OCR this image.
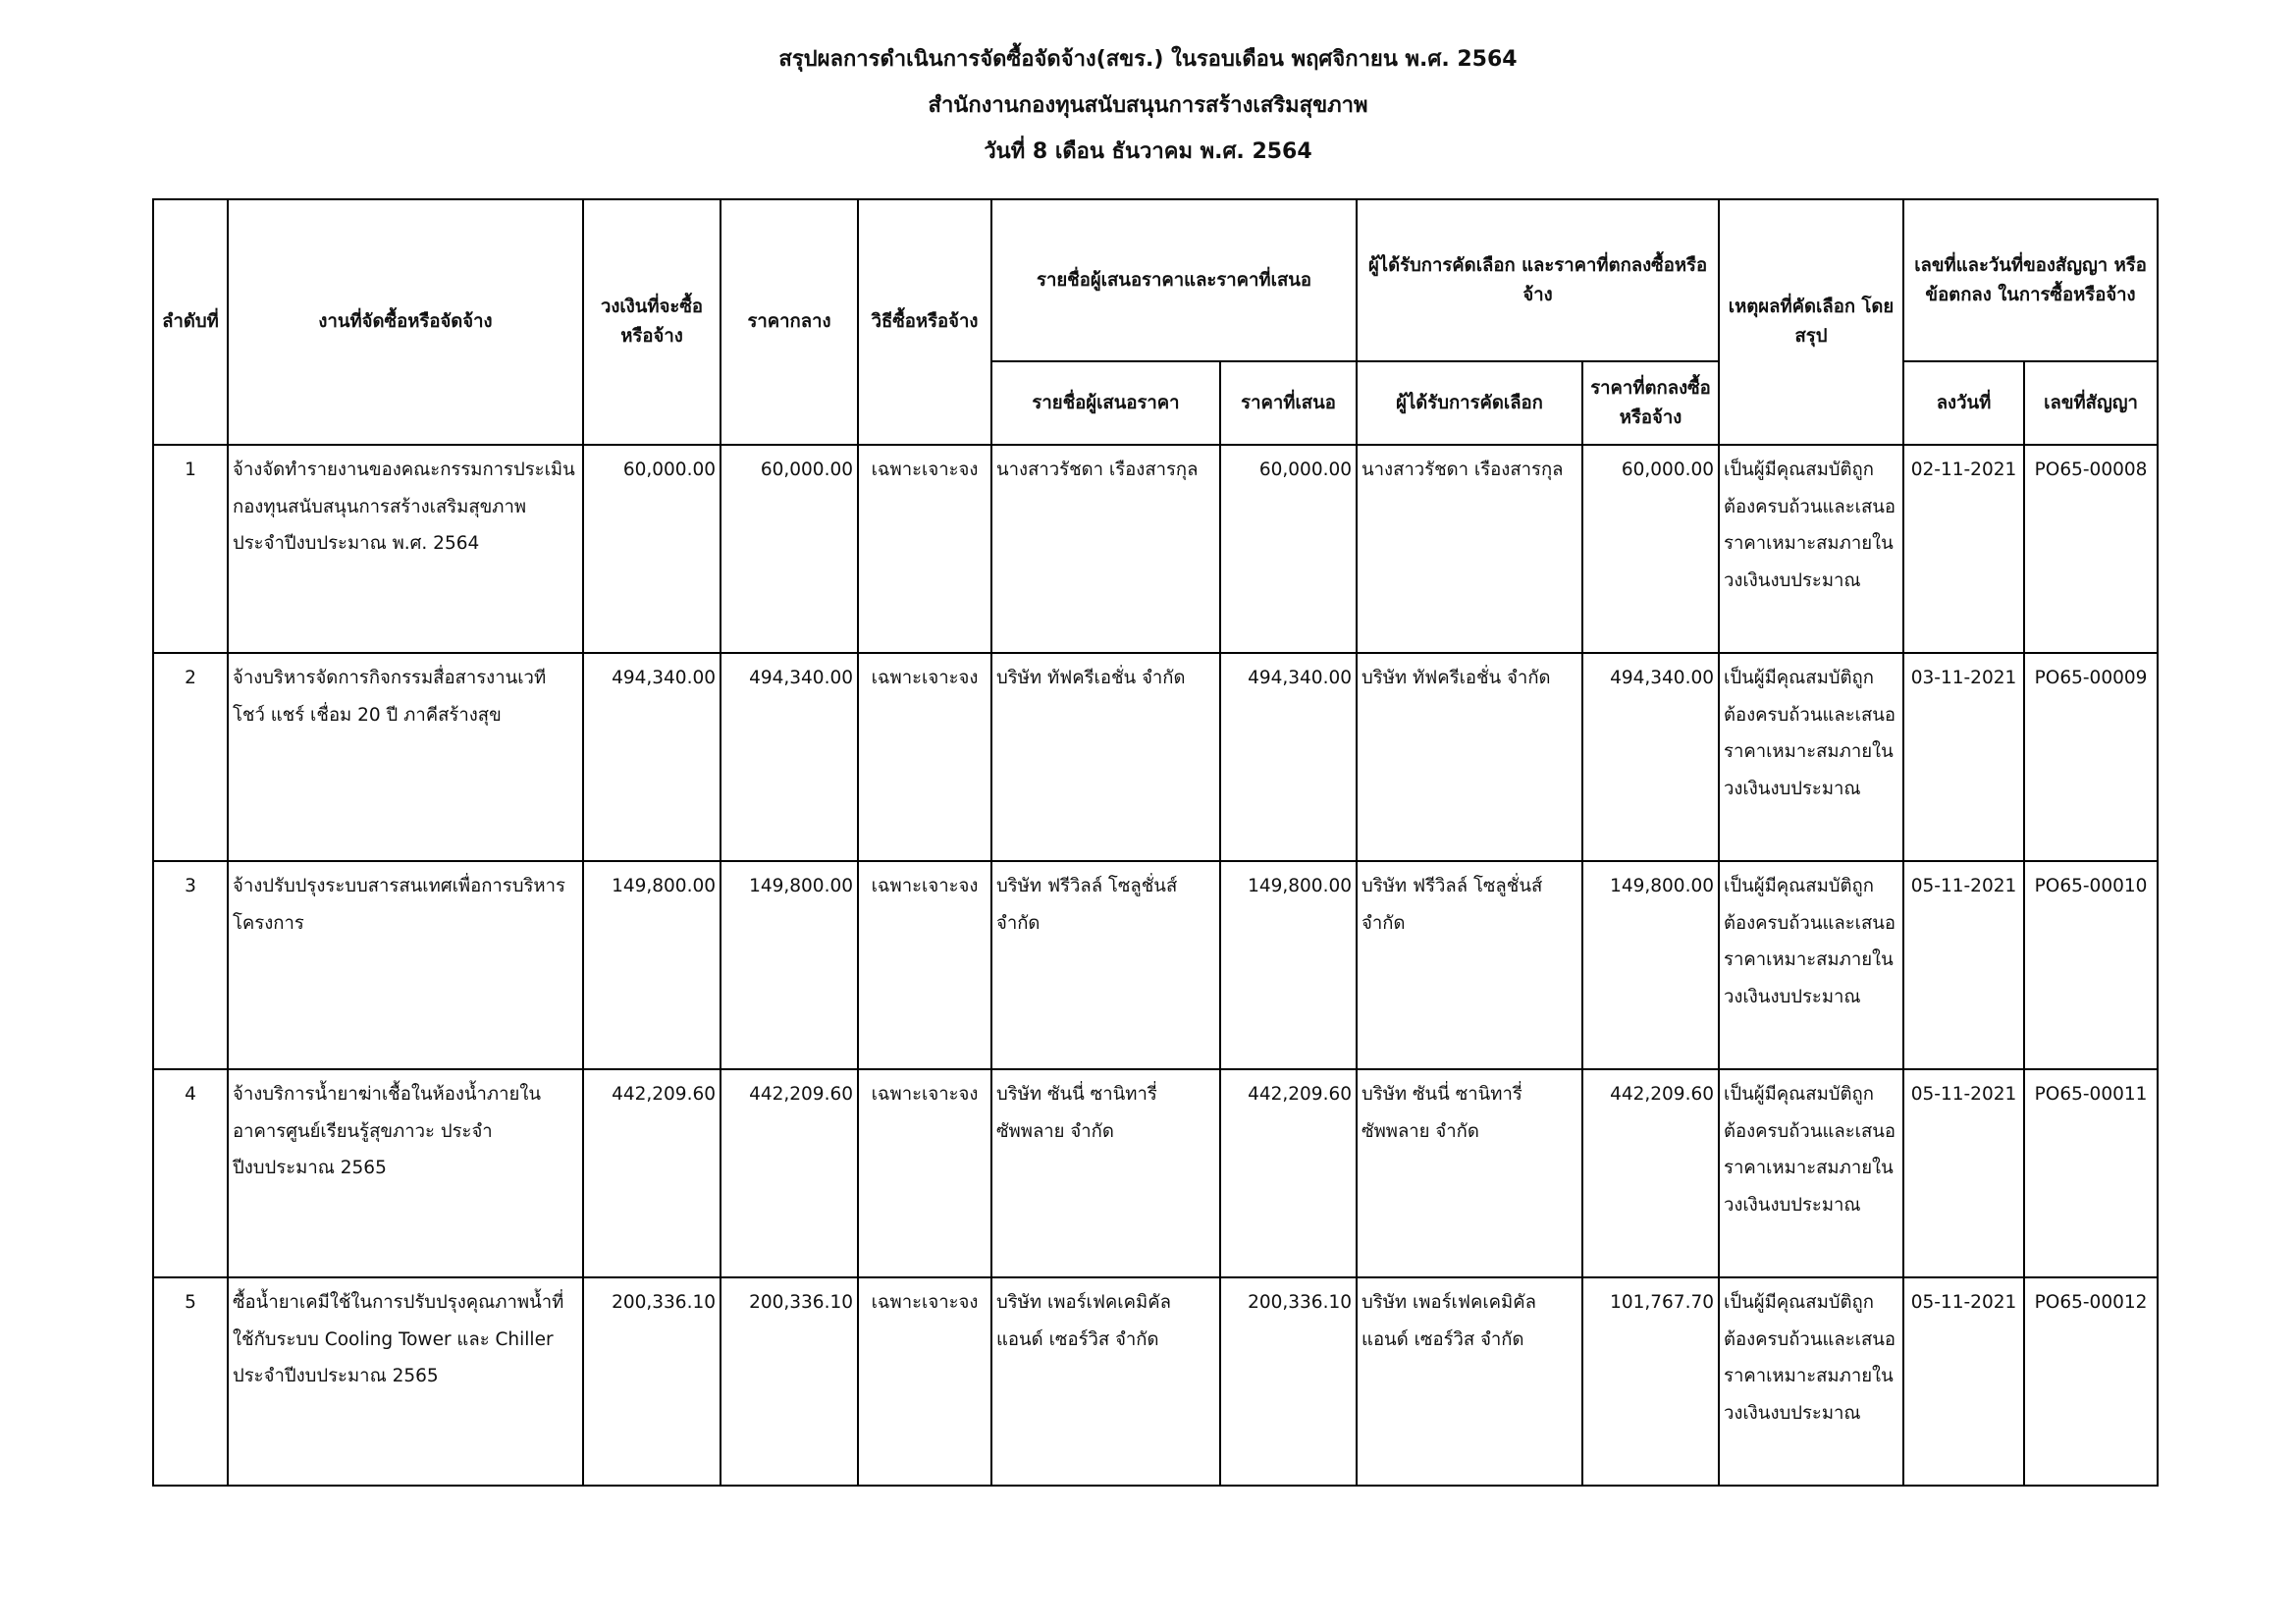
สรุปผลการดำเนินการจัดซื้อจัดจ้าง(สขร.) ในรอบเดือน พฤศจิกายน พ.ศ. 2564
สำนักงานกองทุนสนับสนุนการสร้างเสริมสุขภาพ
วันที่ 8 เดือน ธันวาคม พ.ศ. 2564
ลำดับที่	งานที่จัดซื้อหรือจัดจ้าง	วงเงินที่จะซื้อหรือจ้าง	ราคากลาง	วิธีซื้อหรือจ้าง	รายชื่อผู้เสนอราคาและราคาที่เสนอ		ผู้ได้รับการคัดเลือก และราคาที่ตกลงซื้อหรือจ้าง		เหตุผลที่คัดเลือก โดยสรุป	เลขที่และวันที่ของสัญญา หรือข้อตกลง ในการซื้อหรือจ้าง	
					รายชื่อผู้เสนอราคา	ราคาที่เสนอ	ผู้ได้รับการคัดเลือก	ราคาที่ตกลงซื้อหรือจ้าง		ลงวันที่	เลขที่สัญญา
1	จ้างจัดทำรายงานของคณะกรรมการประเมินกองทุนสนับสนุนการสร้างเสริมสุขภาพ ประจำปีงบประมาณ พ.ศ. 2564	60,000.00	60,000.00	เฉพาะเจาะจง	นางสาวรัชดา เรืองสารกุล	60,000.00	นางสาวรัชดา เรืองสารกุล	60,000.00	เป็นผู้มีคุณสมบัติถูกต้องครบถ้วนและเสนอราคาเหมาะสมภายในวงเงินงบประมาณ	02-11-2021	PO65-00008
2	จ้างบริหารจัดการกิจกรรมสื่อสารงานเวทีโชว์ แชร์ เชื่อม 20 ปี ภาคีสร้างสุข	494,340.00	494,340.00	เฉพาะเจาะจง	บริษัท ทัฟครีเอชั่น จำกัด	494,340.00	บริษัท ทัฟครีเอชั่น จำกัด	494,340.00	เป็นผู้มีคุณสมบัติถูกต้องครบถ้วนและเสนอราคาเหมาะสมภายในวงเงินงบประมาณ	03-11-2021	PO65-00009
3	จ้างปรับปรุงระบบสารสนเทศเพื่อการบริหารโครงการ	149,800.00	149,800.00	เฉพาะเจาะจง	บริษัท ฟรีวิลล์ โซลูชั่นส์ จำกัด	149,800.00	บริษัท ฟรีวิลล์ โซลูชั่นส์ จำกัด	149,800.00	เป็นผู้มีคุณสมบัติถูกต้องครบถ้วนและเสนอราคาเหมาะสมภายในวงเงินงบประมาณ	05-11-2021	PO65-00010
4	จ้างบริการน้ำยาฆ่าเชื้อในห้องน้ำภายในอาคารศูนย์เรียนรู้สุขภาวะ ประจำปีงบประมาณ 2565	442,209.60	442,209.60	เฉพาะเจาะจง	บริษัท ซันนี่ ซานิทารี่ ซัพพลาย จำกัด	442,209.60	บริษัท ซันนี่ ซานิทารี่ ซัพพลาย จำกัด	442,209.60	เป็นผู้มีคุณสมบัติถูกต้องครบถ้วนและเสนอราคาเหมาะสมภายในวงเงินงบประมาณ	05-11-2021	PO65-00011
5	ซื้อน้ำยาเคมีใช้ในการปรับปรุงคุณภาพน้ำที่ใช้กับระบบ Cooling Tower และ Chiller ประจำปีงบประมาณ 2565	200,336.10	200,336.10	เฉพาะเจาะจง	บริษัท เพอร์เฟคเคมิคัล แอนด์ เซอร์วิส จำกัด	200,336.10	บริษัท เพอร์เฟคเคมิคัล แอนด์ เซอร์วิส จำกัด	101,767.70	เป็นผู้มีคุณสมบัติถูกต้องครบถ้วนและเสนอราคาเหมาะสมภายในวงเงินงบประมาณ	05-11-2021	PO65-00012
